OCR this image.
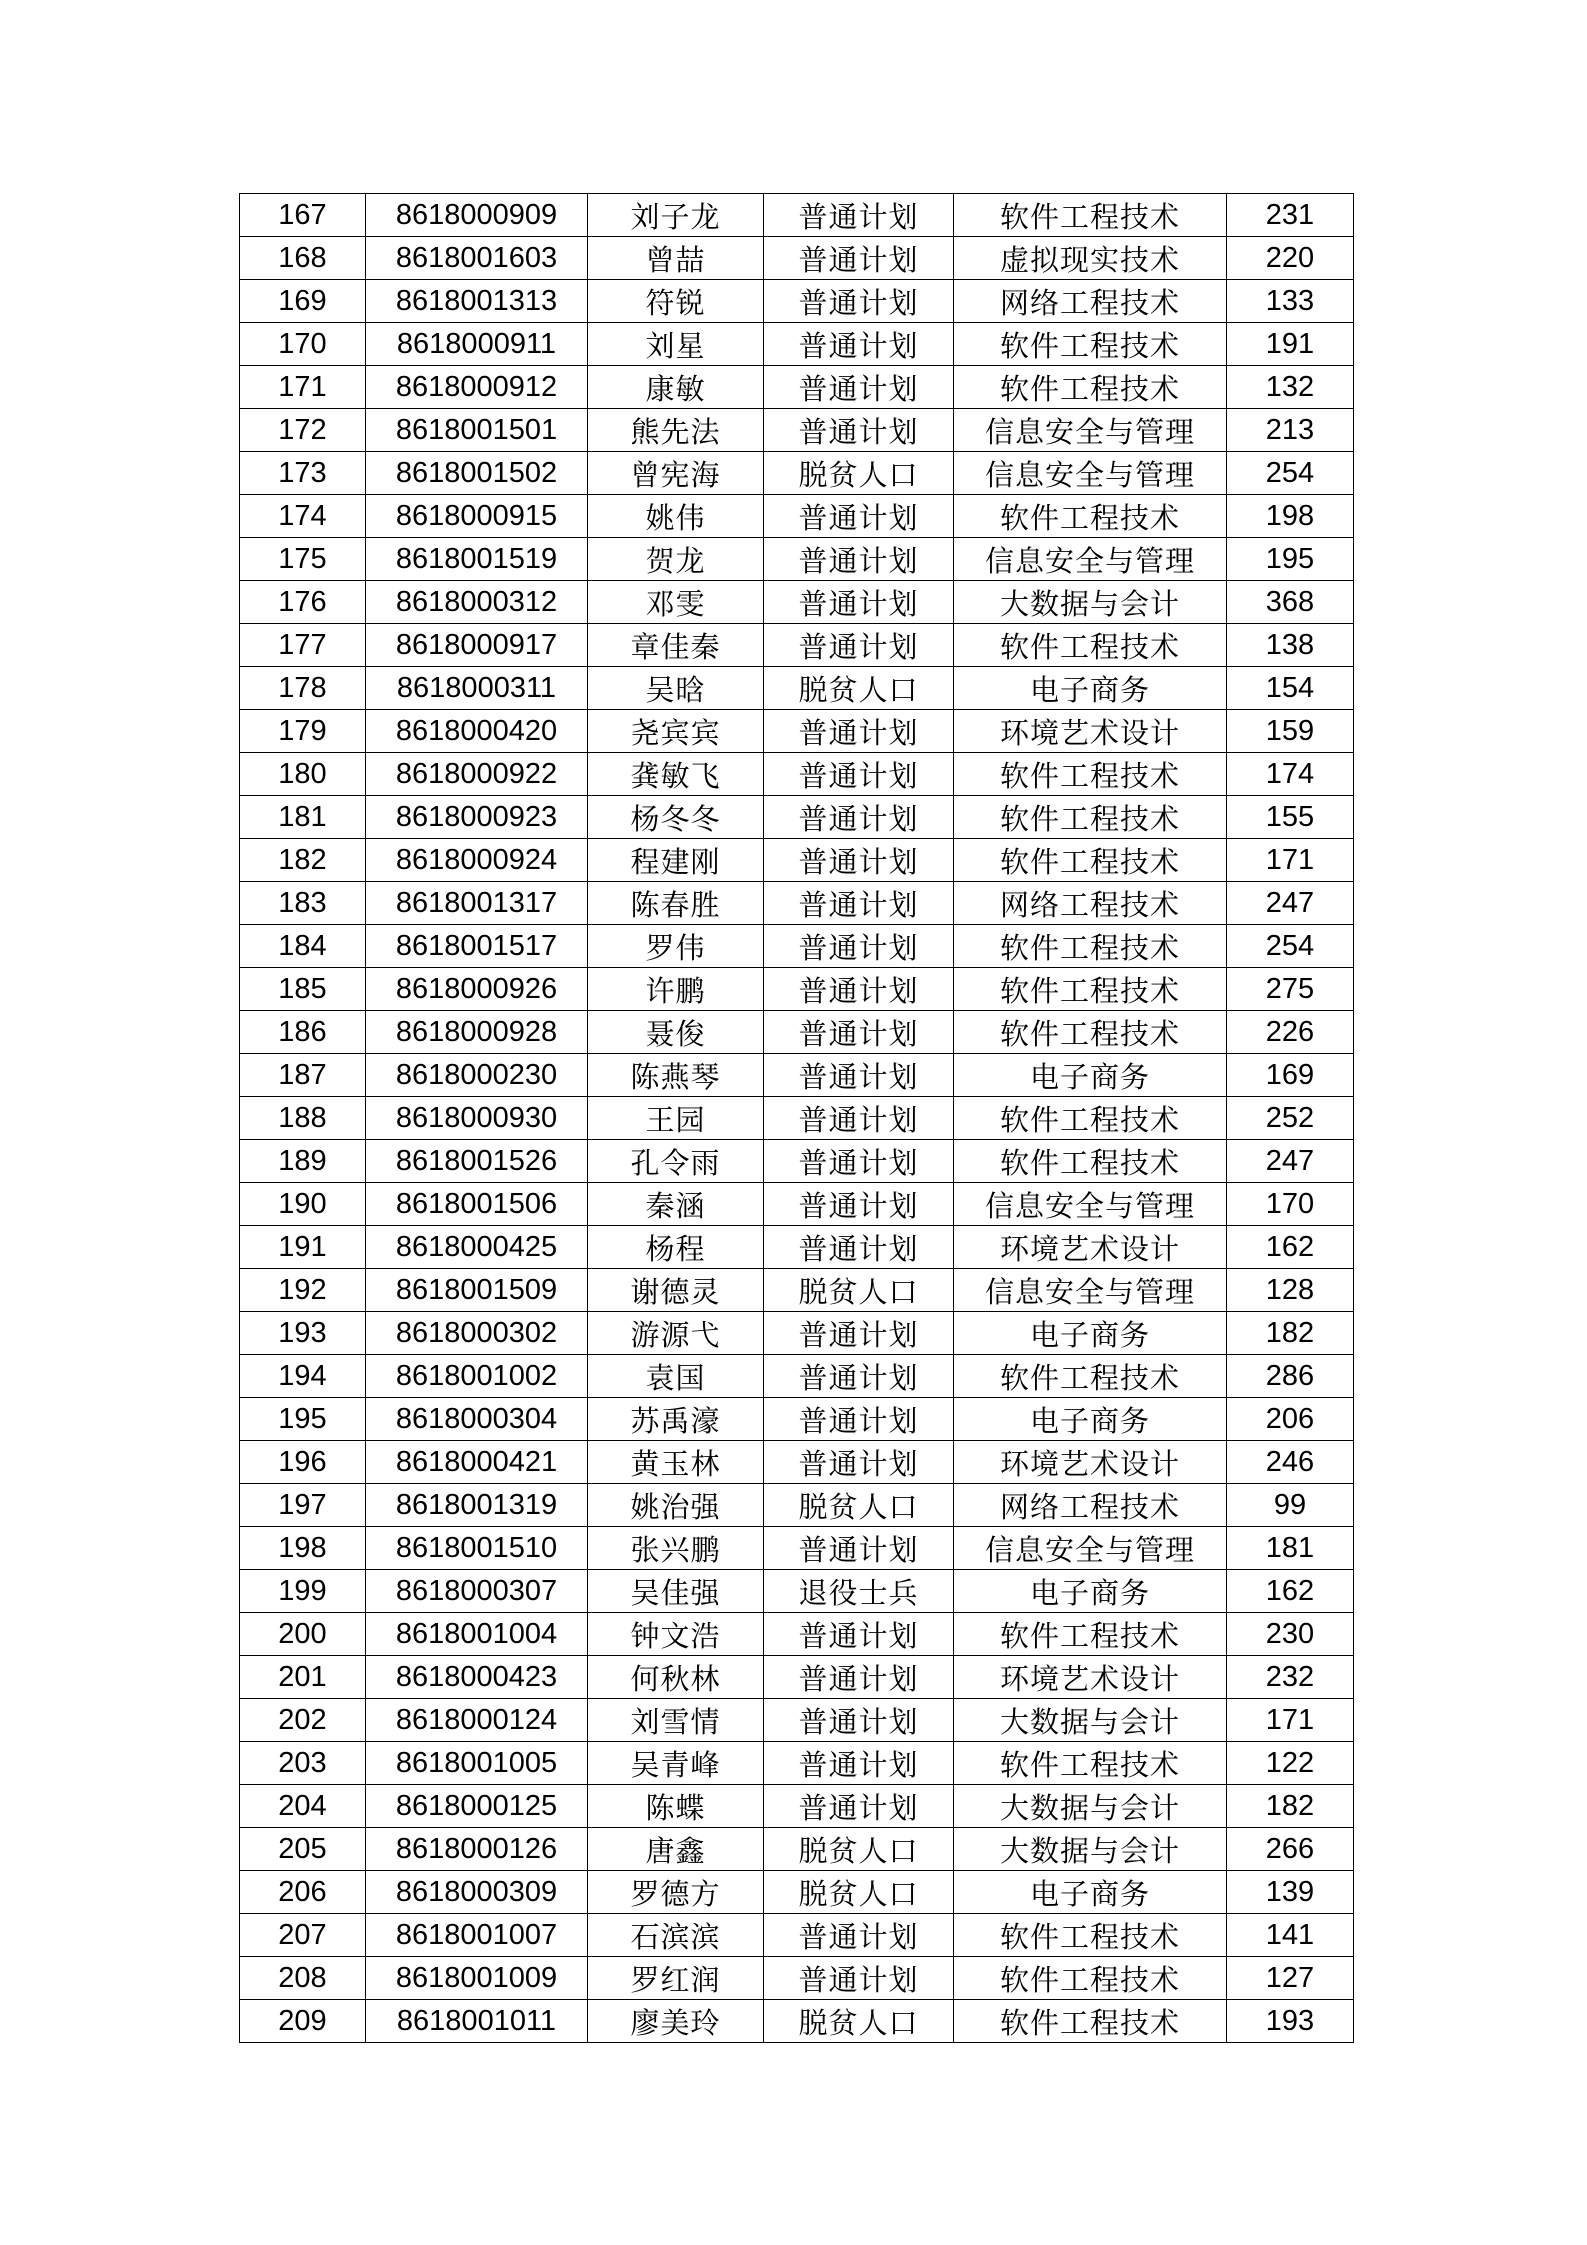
167	8618000909	刘子龙	普通计划	软件工程技术	231
168	8618001603	曾喆	普通计划	虚拟现实技术	220
169	8618001313	符锐	普通计划	网络工程技术	133
170	8618000911	刘星	普通计划	软件工程技术	191
171	8618000912	康敏	普通计划	软件工程技术	132
172	8618001501	熊先法	普通计划	信息安全与管理	213
173	8618001502	曾宪海	脱贫人口	信息安全与管理	254
174	8618000915	姚伟	普通计划	软件工程技术	198
175	8618001519	贺龙	普通计划	信息安全与管理	195
176	8618000312	邓雯	普通计划	大数据与会计	368
177	8618000917	章佳秦	普通计划	软件工程技术	138
178	8618000311	吴晗	脱贫人口	电子商务	154
179	8618000420	尧宾宾	普通计划	环境艺术设计	159
180	8618000922	龚敏飞	普通计划	软件工程技术	174
181	8618000923	杨冬冬	普通计划	软件工程技术	155
182	8618000924	程建刚	普通计划	软件工程技术	171
183	8618001317	陈春胜	普通计划	网络工程技术	247
184	8618001517	罗伟	普通计划	软件工程技术	254
185	8618000926	许鹏	普通计划	软件工程技术	275
186	8618000928	聂俊	普通计划	软件工程技术	226
187	8618000230	陈燕琴	普通计划	电子商务	169
188	8618000930	王园	普通计划	软件工程技术	252
189	8618001526	孔令雨	普通计划	软件工程技术	247
190	8618001506	秦涵	普通计划	信息安全与管理	170
191	8618000425	杨程	普通计划	环境艺术设计	162
192	8618001509	谢德灵	脱贫人口	信息安全与管理	128
193	8618000302	游源弋	普通计划	电子商务	182
194	8618001002	袁国	普通计划	软件工程技术	286
195	8618000304	苏禹濠	普通计划	电子商务	206
196	8618000421	黄玉林	普通计划	环境艺术设计	246
197	8618001319	姚治强	脱贫人口	网络工程技术	99
198	8618001510	张兴鹏	普通计划	信息安全与管理	181
199	8618000307	吴佳强	退役士兵	电子商务	162
200	8618001004	钟文浩	普通计划	软件工程技术	230
201	8618000423	何秋林	普通计划	环境艺术设计	232
202	8618000124	刘雪情	普通计划	大数据与会计	171
203	8618001005	吴青峰	普通计划	软件工程技术	122
204	8618000125	陈蝶	普通计划	大数据与会计	182
205	8618000126	唐鑫	脱贫人口	大数据与会计	266
206	8618000309	罗德方	脱贫人口	电子商务	139
207	8618001007	石滨滨	普通计划	软件工程技术	141
208	8618001009	罗红润	普通计划	软件工程技术	127
209	8618001011	廖美玲	脱贫人口	软件工程技术	193
